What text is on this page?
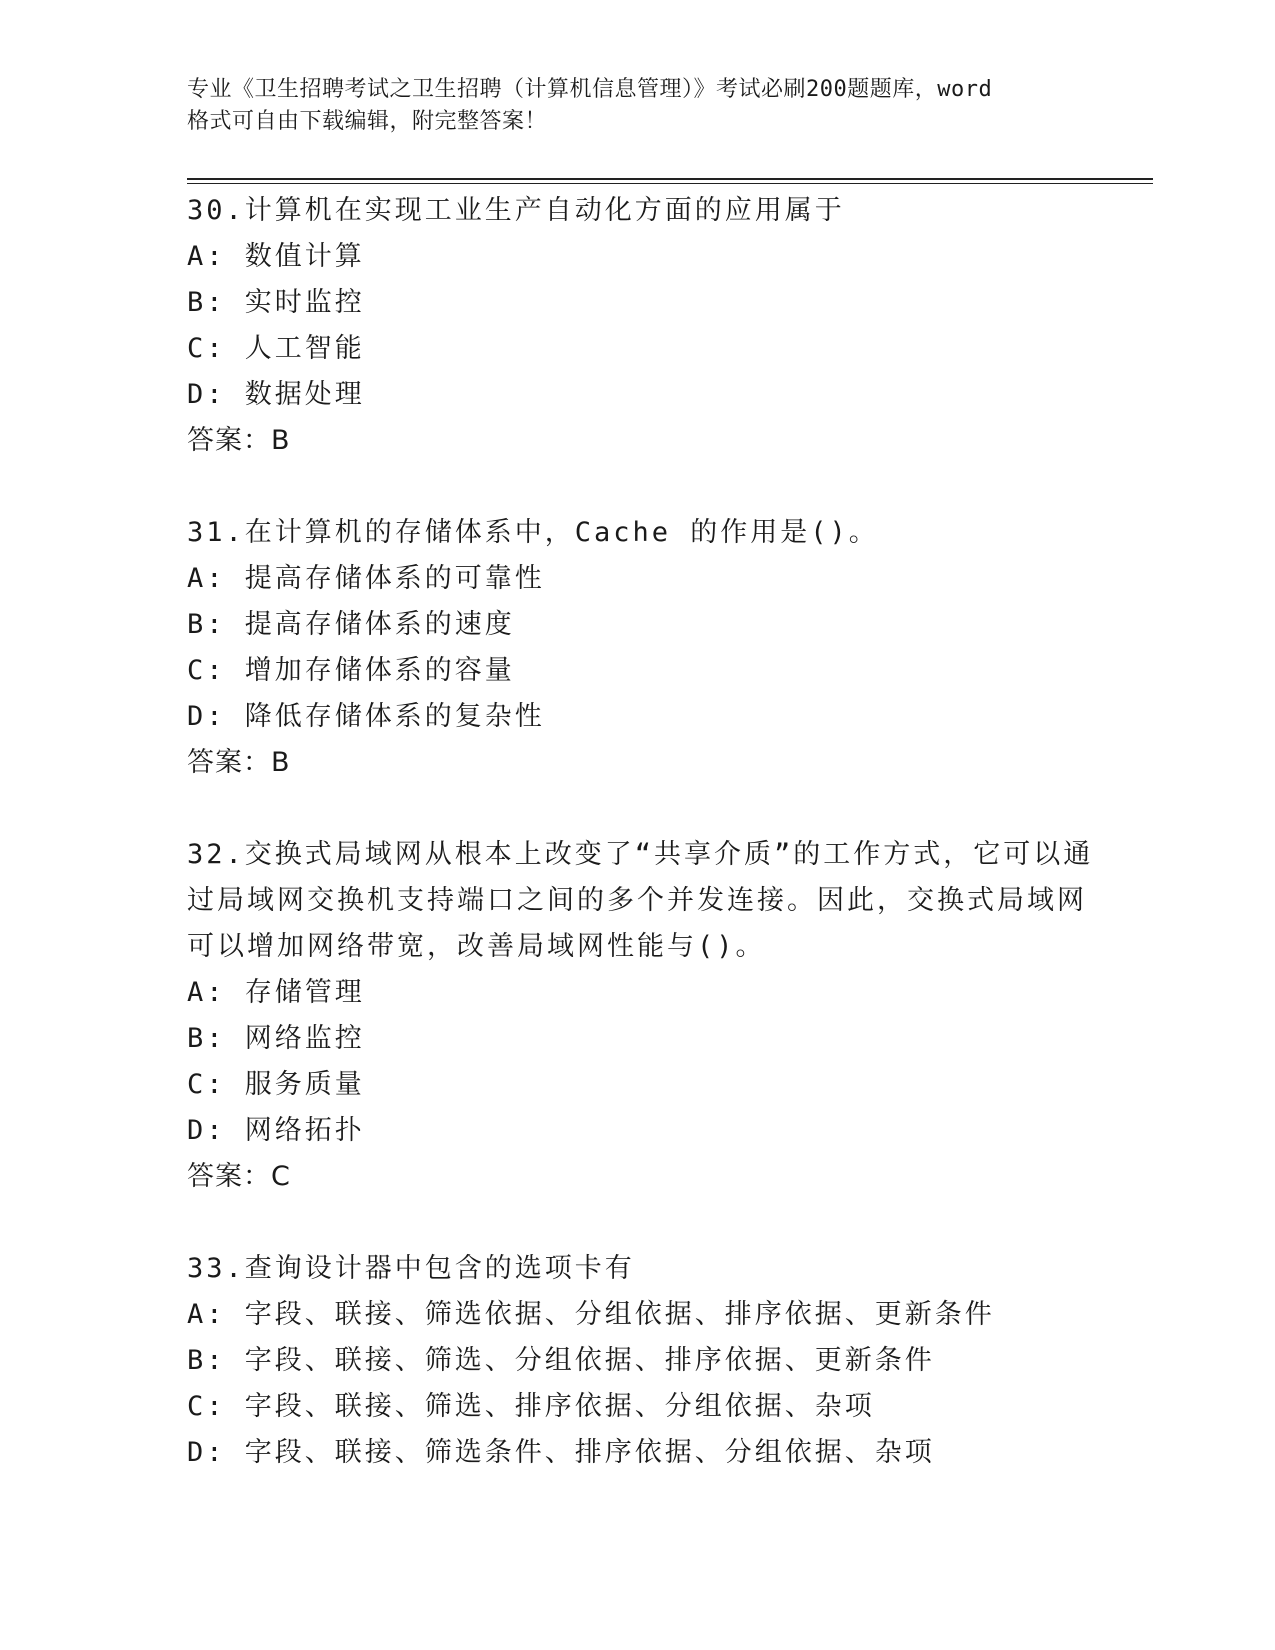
专业《卫生招聘考试之卫生招聘（计算机信息管理）》考试必刷200题题库，word
格式可自由下载编辑，附完整答案！
30.计算机在实现工业生产自动化方面的应用属于
A: 数值计算
B: 实时监控
C: 人工智能
D: 数据处理
答案：B
31.在计算机的存储体系中，Cache 的作用是()。
A: 提高存储体系的可靠性
B: 提高存储体系的速度
C: 增加存储体系的容量
D: 降低存储体系的复杂性
答案：B
32.交换式局域网从根本上改变了“共享介质”的工作方式，它可以通
过局域网交换机支持端口之间的多个并发连接。因此，交换式局域网
可以增加网络带宽，改善局域网性能与()。
A: 存储管理
B: 网络监控
C: 服务质量
D: 网络拓扑
答案：C
33.查询设计器中包含的选项卡有
A: 字段、联接、筛选依据、分组依据、排序依据、更新条件
B: 字段、联接、筛选、分组依据、排序依据、更新条件
C: 字段、联接、筛选、排序依据、分组依据、杂项
D: 字段、联接、筛选条件、排序依据、分组依据、杂项
